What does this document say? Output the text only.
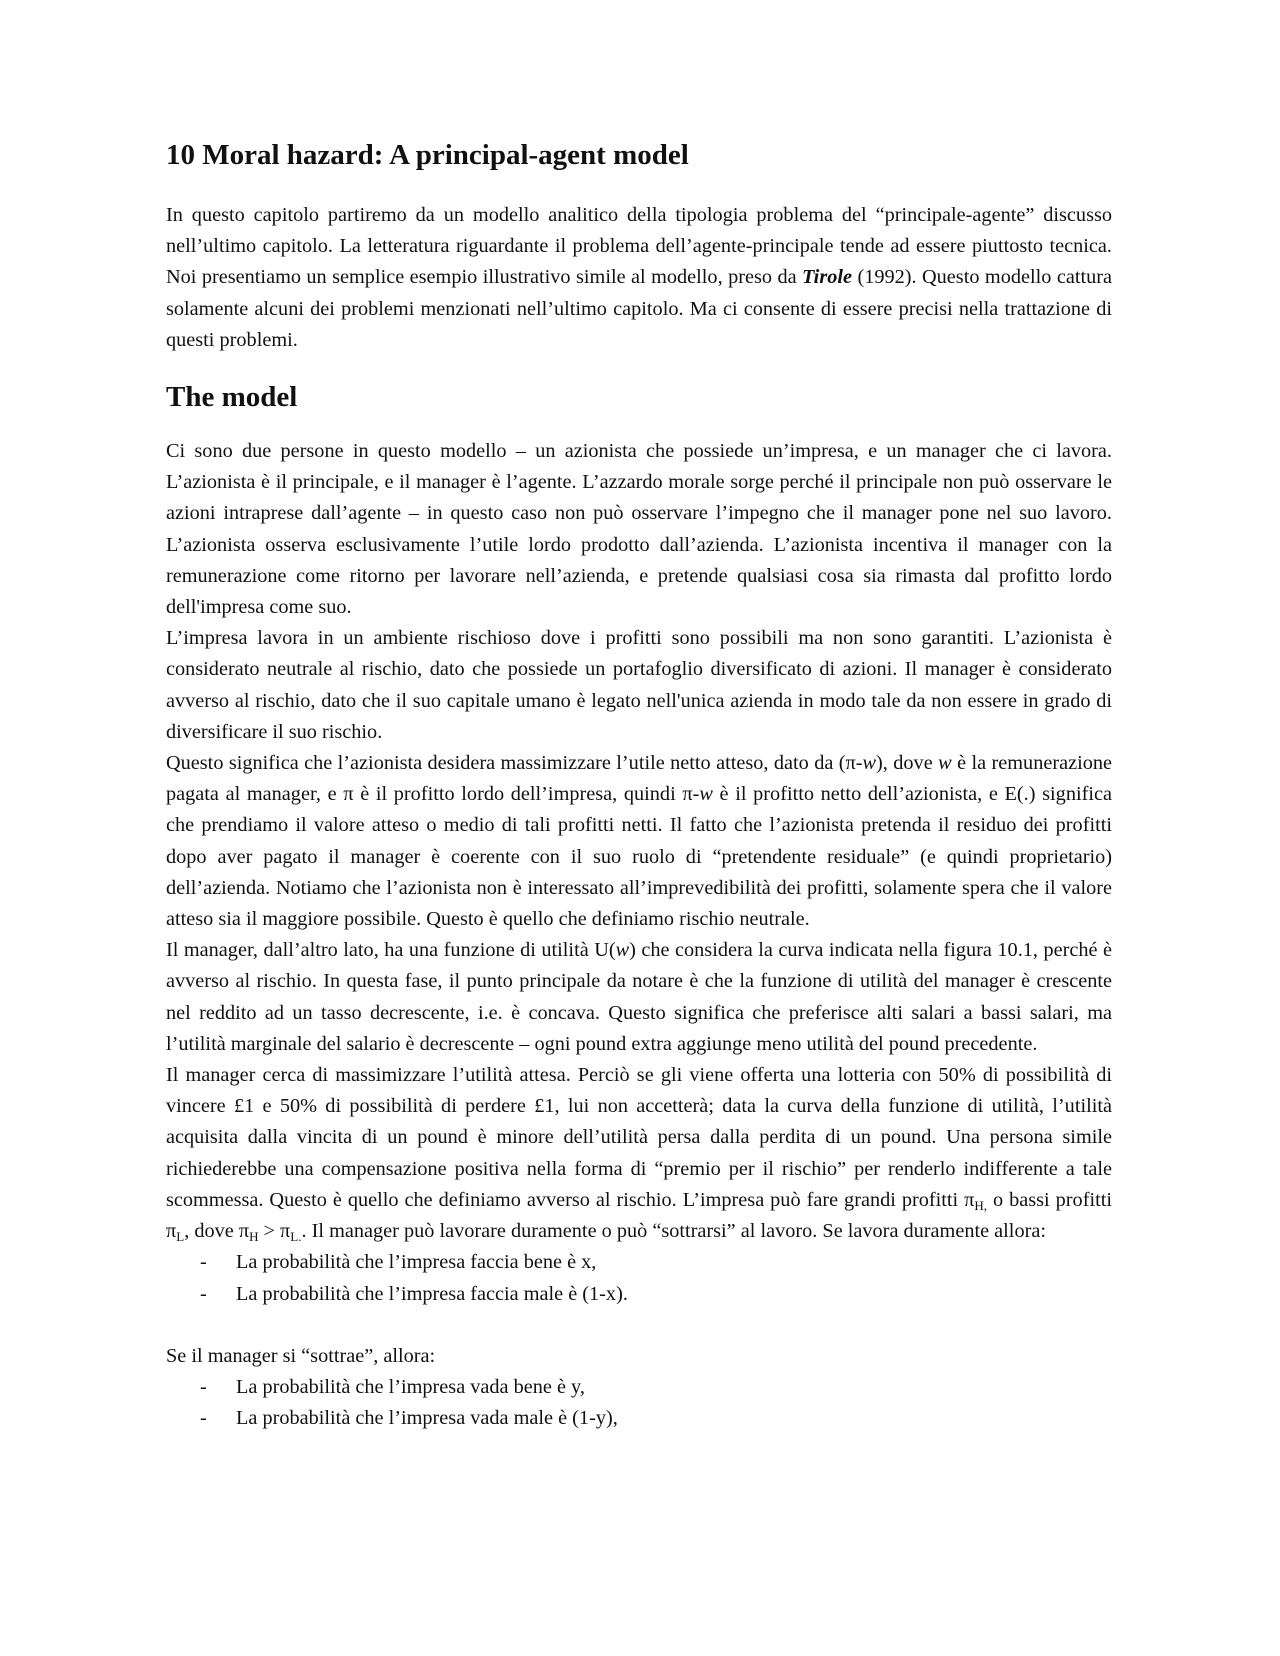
10 Moral hazard: A principal-agent model

In questo capitolo partiremo da un modello analitico della tipologia problema del “principale-agente” discusso nell’ultimo capitolo. La letteratura riguardante il problema dell’agente-principale tende ad essere piuttosto tecnica. Noi presentiamo un semplice esempio illustrativo simile al modello, preso da Tirole (1992). Questo modello cattura solamente alcuni dei problemi menzionati nell’ultimo capitolo. Ma ci consente di essere precisi nella trattazione di questi problemi.

The model

Ci sono due persone in questo modello – un azionista che possiede un’impresa, e un manager che ci lavora. L’azionista è il principale, e il manager è l’agente. L’azzardo morale sorge perché il principale non può osservare le azioni intraprese dall’agente – in questo caso non può osservare l’impegno che il manager pone nel suo lavoro. L’azionista osserva esclusivamente l’utile lordo prodotto dall’azienda. L’azionista incentiva il manager con la remunerazione come ritorno per lavorare nell’azienda, e pretende qualsiasi cosa sia rimasta dal profitto lordo dell'impresa come suo.

L’impresa lavora in un ambiente rischioso dove i profitti sono possibili ma non sono garantiti. L’azionista è considerato neutrale al rischio, dato che possiede un portafoglio diversificato di azioni. Il manager è considerato avverso al rischio, dato che il suo capitale umano è legato nell'unica azienda in modo tale da non essere in grado di diversificare il suo rischio.

Questo significa che l’azionista desidera massimizzare l’utile netto atteso, dato da (π-w), dove w è la remunerazione pagata al manager, e π è il profitto lordo dell’impresa, quindi π-w è il profitto netto dell’azionista, e E(.) significa che prendiamo il valore atteso o medio di tali profitti netti. Il fatto che l’azionista pretenda il residuo dei profitti dopo aver pagato il manager è coerente con il suo ruolo di “pretendente residuale” (e quindi proprietario) dell’azienda. Notiamo che l’azionista non è interessato all’imprevedibilità dei profitti, solamente spera che il valore atteso sia il maggiore possibile. Questo è quello che definiamo rischio neutrale.

Il manager, dall’altro lato, ha una funzione di utilità U(w) che considera la curva indicata nella figura 10.1, perché è avverso al rischio. In questa fase, il punto principale da notare è che la funzione di utilità del manager è crescente nel reddito ad un tasso decrescente, i.e. è concava. Questo significa che preferisce alti salari a bassi salari, ma l’utilità marginale del salario è decrescente – ogni pound extra aggiunge meno utilità del pound precedente.

Il manager cerca di massimizzare l’utilità attesa. Perciò se gli viene offerta una lotteria con 50% di possibilità di vincere £1 e 50% di possibilità di perdere £1, lui non accetterà; data la curva della funzione di utilità, l’utilità acquisita dalla vincita di un pound è minore dell’utilità persa dalla perdita di un pound. Una persona simile richiederebbe una compensazione positiva nella forma di “premio per il rischio” per renderlo indifferente a tale scommessa. Questo è quello che definiamo avverso al rischio. L’impresa può fare grandi profitti $\pi_{H,}$ o bassi profitti $\pi_L$, dove $\pi_H > \pi_{L.}$. Il manager può lavorare duramente o può “sottrarsi” al lavoro. Se lavora duramente allora:

- La probabilità che l’impresa faccia bene è x,
- La probabilità che l’impresa faccia male è (1-x).

Se il manager si “sottrae”, allora:

- La probabilità che l’impresa vada bene è y,
- La probabilità che l’impresa vada male è (1-y),
